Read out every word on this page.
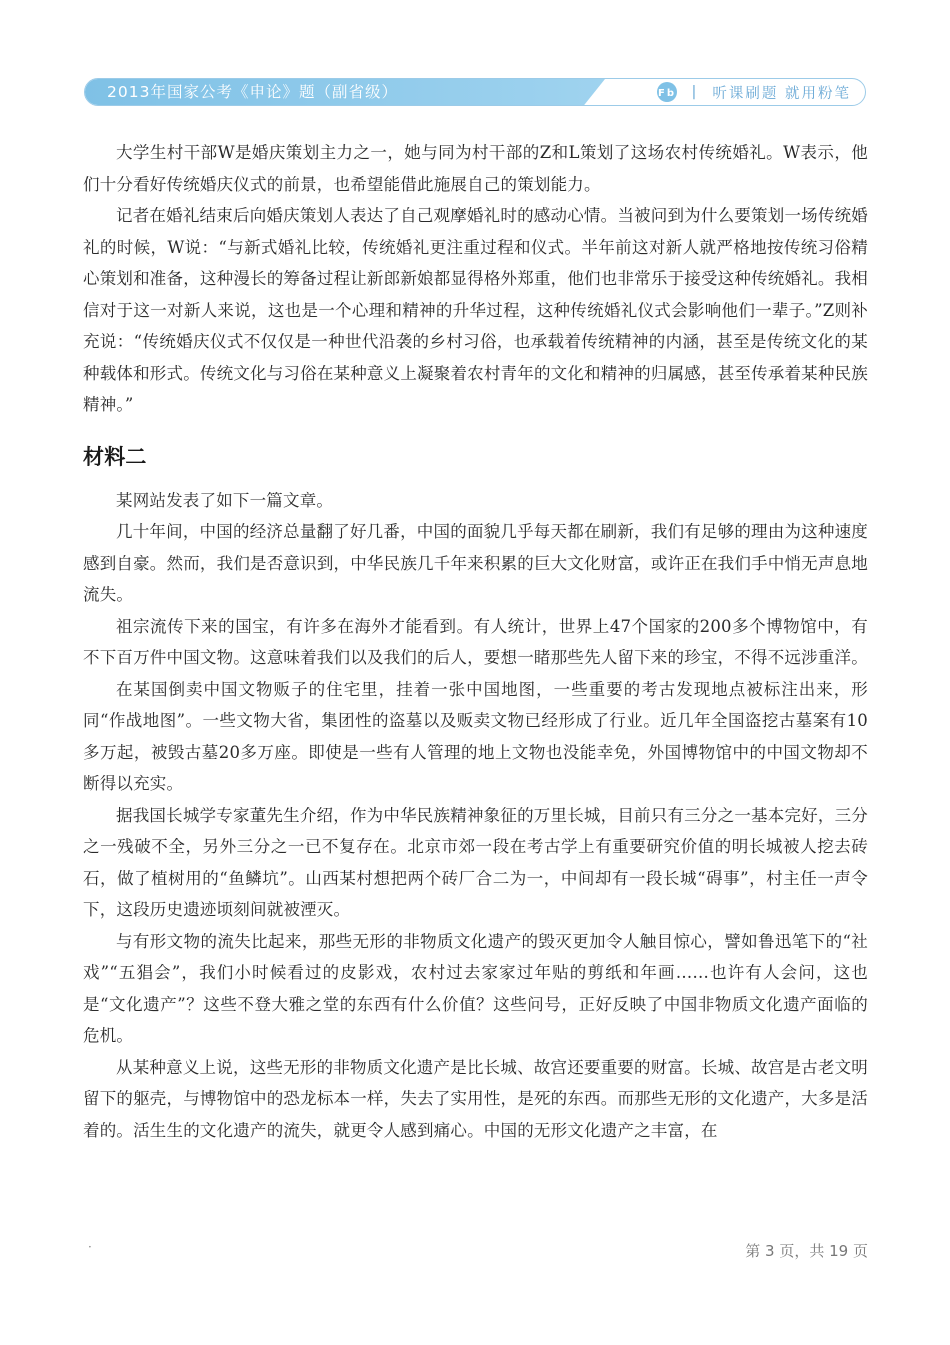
2013年国家公考《申论》题（副省级）	Fb | 听课刷题 就用粉笔

大学生村干部W是婚庆策划主力之一，她与同为村干部的Z和L策划了这场农村传统婚礼。W表示，他们十分看好传统婚庆仪式的前景，也希望能借此施展自己的策划能力。

记者在婚礼结束后向婚庆策划人表达了自己观摩婚礼时的感动心情。当被问到为什么要策划一场传统婚礼的时候，W说：“与新式婚礼比较，传统婚礼更注重过程和仪式。半年前这对新人就严格地按传统习俗精心策划和准备，这种漫长的筹备过程让新郎新娘都显得格外郑重，他们也非常乐于接受这种传统婚礼。我相信对于这一对新人来说，这也是一个心理和精神的升华过程，这种传统婚礼仪式会影响他们一辈子。”Z则补充说：“传统婚庆仪式不仅仅是一种世代沿袭的乡村习俗，也承载着传统精神的内涵，甚至是传统文化的某种载体和形式。传统文化与习俗在某种意义上凝聚着农村青年的文化和精神的归属感，甚至传承着某种民族精神。”

材料二

某网站发表了如下一篇文章。

几十年间，中国的经济总量翻了好几番，中国的面貌几乎每天都在刷新，我们有足够的理由为这种速度感到自豪。然而，我们是否意识到，中华民族几千年来积累的巨大文化财富，或许正在我们手中悄无声息地流失。

祖宗流传下来的国宝，有许多在海外才能看到。有人统计，世界上47个国家的200多个博物馆中，有不下百万件中国文物。这意味着我们以及我们的后人，要想一睹那些先人留下来的珍宝，不得不远涉重洋。

在某国倒卖中国文物贩子的住宅里，挂着一张中国地图，一些重要的考古发现地点被标注出来，形同“作战地图”。一些文物大省，集团性的盗墓以及贩卖文物已经形成了行业。近几年全国盗挖古墓案有10多万起，被毁古墓20多万座。即使是一些有人管理的地上文物也没能幸免，外国博物馆中的中国文物却不断得以充实。

据我国长城学专家董先生介绍，作为中华民族精神象征的万里长城，目前只有三分之一基本完好，三分之一残破不全，另外三分之一已不复存在。北京市郊一段在考古学上有重要研究价值的明长城被人挖去砖石，做了植树用的“鱼鳞坑”。山西某村想把两个砖厂合二为一，中间却有一段长城“碍事”，村主任一声令下，这段历史遗迹顷刻间就被湮灭。

与有形文物的流失比起来，那些无形的非物质文化遗产的毁灭更加令人触目惊心，譬如鲁迅笔下的“社戏”“五猖会”，我们小时候看过的皮影戏，农村过去家家过年贴的剪纸和年画……也许有人会问，这也是“文化遗产”？这些不登大雅之堂的东西有什么价值？这些问号，正好反映了中国非物质文化遗产面临的危机。

从某种意义上说，这些无形的非物质文化遗产是比长城、故宫还要重要的财富。长城、故宫是古老文明留下的躯壳，与博物馆中的恐龙标本一样，失去了实用性，是死的东西。而那些无形的文化遗产，大多是活着的。活生生的文化遗产的流失，就更令人感到痛心。中国的无形文化遗产之丰富，在

·	第 3 页，共 19 页
